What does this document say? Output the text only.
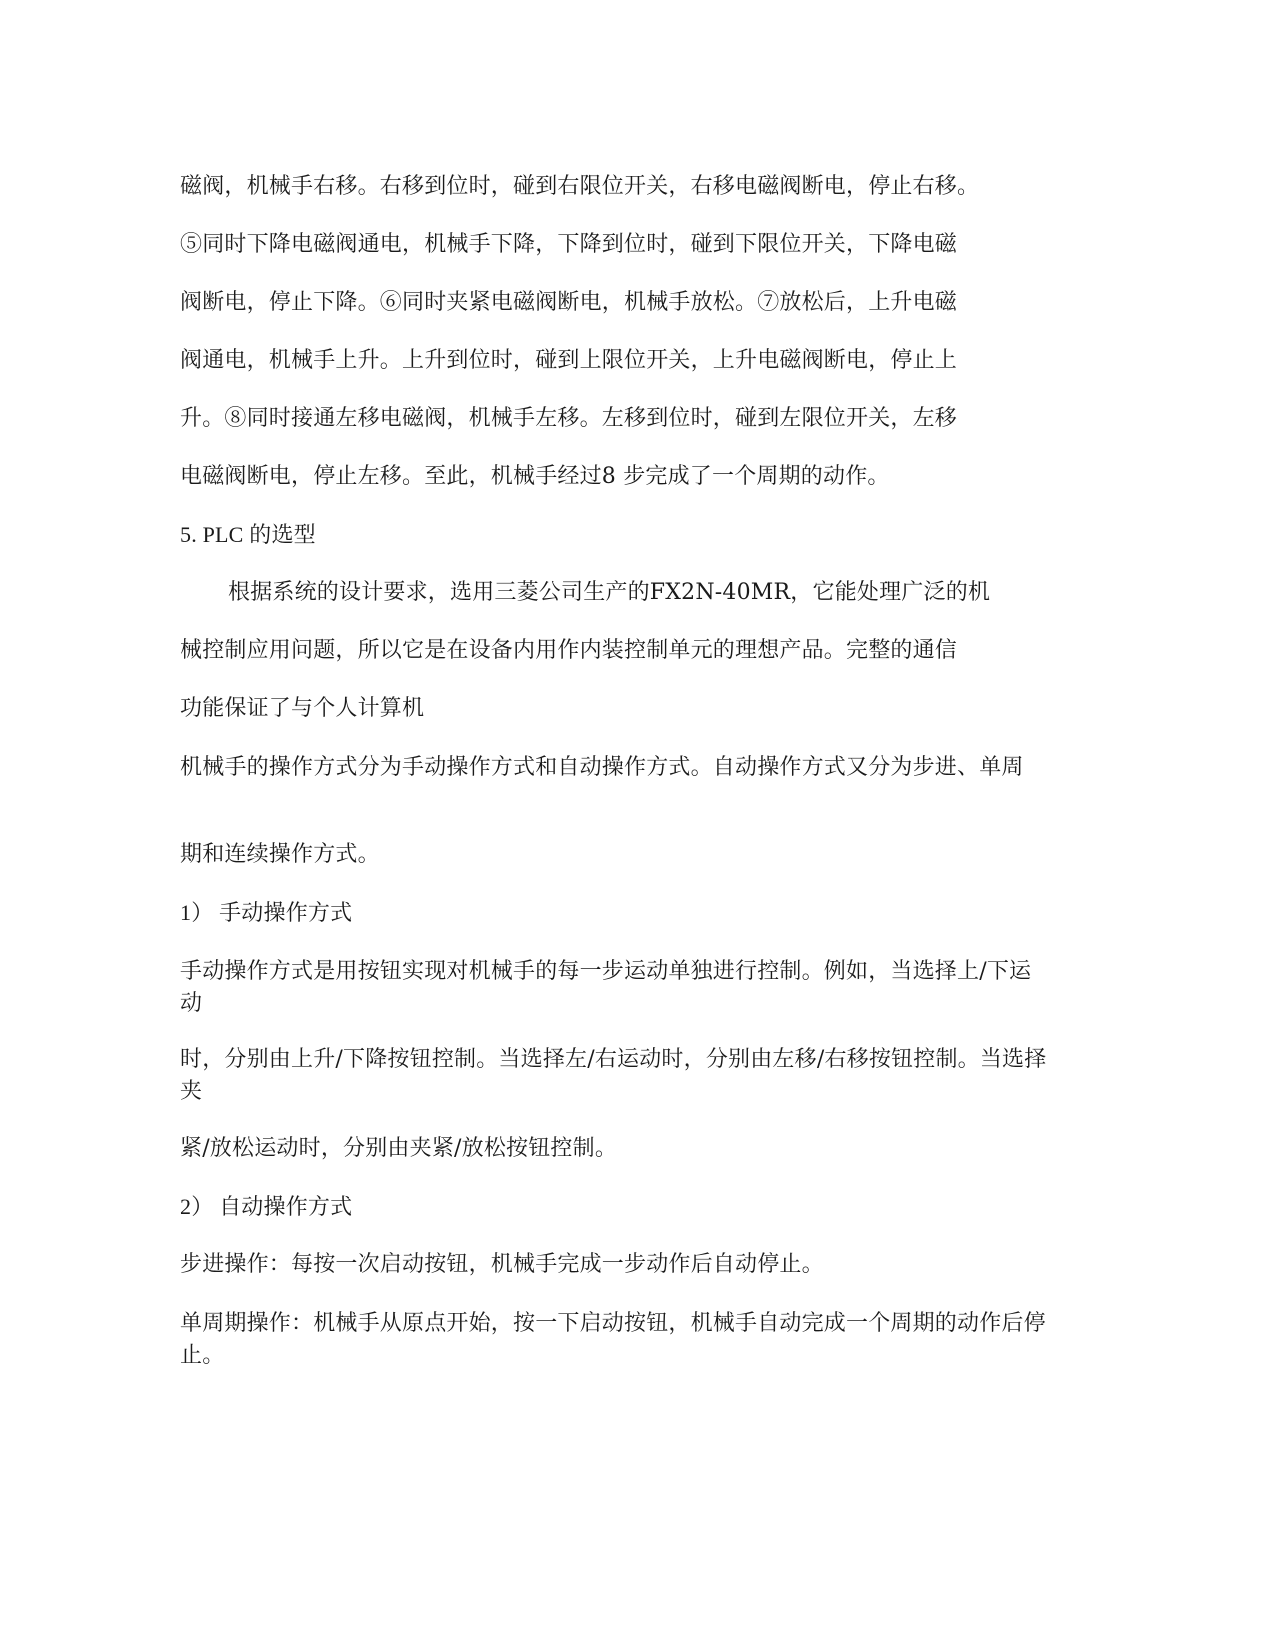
磁阀，机械手右移。右移到位时，碰到右限位开关，右移电磁阀断电，停止右移。

⑤同时下降电磁阀通电，机械手下降，下降到位时，碰到下限位开关，下降电磁

阀断电，停止下降。⑥同时夹紧电磁阀断电，机械手放松。⑦放松后，上升电磁

阀通电，机械手上升。上升到位时，碰到上限位开关，上升电磁阀断电，停止上

升。⑧同时接通左移电磁阀，机械手左移。左移到位时，碰到左限位开关，左移

电磁阀断电，停止左移。至此，机械手经过8 步完成了一个周期的动作。

5. PLC 的选型

根据系统的设计要求，选用三菱公司生产的FX2N-40MR，它能处理广泛的机

械控制应用问题，所以它是在设备内用作内装控制单元的理想产品。完整的通信

功能保证了与个人计算机

机械手的操作方式分为手动操作方式和自动操作方式。自动操作方式又分为步进、单周

期和连续操作方式。

1） 手动操作方式

手动操作方式是用按钮实现对机械手的每一步运动单独进行控制。例如，当选择上/下运动

时，分别由上升/下降按钮控制。当选择左/右运动时，分别由左移/右移按钮控制。当选择夹

紧/放松运动时，分别由夹紧/放松按钮控制。

2） 自动操作方式

步进操作：每按一次启动按钮，机械手完成一步动作后自动停止。

单周期操作：机械手从原点开始，按一下启动按钮，机械手自动完成一个周期的动作后停止。
